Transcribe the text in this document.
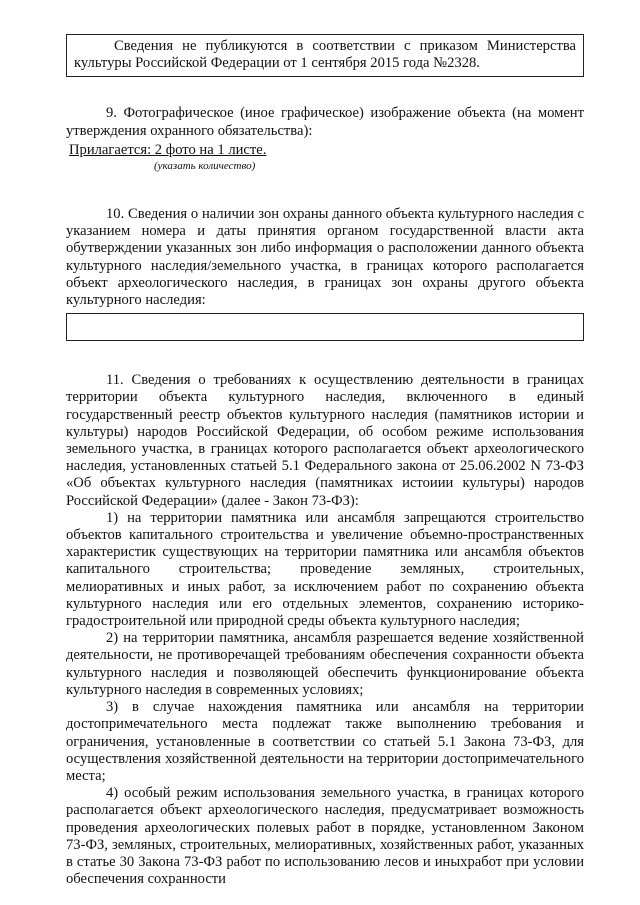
Сведения не публикуются в соответствии с приказом Министерства культуры Российской Федерации от 1 сентября 2015 года №2328.

9. Фотографическое (иное графическое) изображение объекта (на момент утверждения охранного обязательства):

Прилагается: 2 фото на 1 листе.

(указать количество)

10. Сведения о наличии зон охраны данного объекта культурного наследия с указанием номера и даты принятия органом государственной власти акта обутверждении указанных зон либо информация о расположении данного объекта культурного наследия/земельного участка, в границах которого располагается объект археологического наследия, в границах зон охраны другого объекта культурного наследия:

11. Сведения о требованиях к осуществлению деятельности в границах территории объекта культурного наследия, включенного в единый государственный реестр объектов культурного наследия (памятников истории и культуры) народов Российской Федерации, об особом режиме использования земельного участка, в границах которого располагается объект археологического наследия, установленных статьей 5.1 Федерального закона от 25.06.2002 N 73-ФЗ «Об объектах культурного наследия (памятниках истоиии культуры) народов Российской Федерации» (далее - Закон 73-ФЗ):

1) на территории памятника или ансамбля запрещаются строительство объектов капитального строительства и увеличение объемно-пространственных характеристик существующих на территории памятника или ансамбля объектов капитального строительства; проведение земляных, строительных, мелиоративных и иных работ, за исключением работ по сохранению объекта культурного наследия или его отдельных элементов, сохранению историко-градостроительной или природной среды объекта культурного наследия;

2) на территории памятника, ансамбля разрешается ведение хозяйственной деятельности, не противоречащей требованиям обеспечения сохранности объекта культурного наследия и позволяющей обеспечить функционирование объекта культурного наследия в современных условиях;

3) в случае нахождения памятника или ансамбля на территории достопримечательного места подлежат также выполнению требования и ограничения, установленные в соответствии со статьей 5.1 Закона 73-ФЗ, для осуществления хозяйственной деятельности на территории достопримечательного места;

4) особый режим использования земельного участка, в границах которого располагается объект археологического наследия, предусматривает возможность проведения археологических полевых работ в порядке, установленном Законом 73-ФЗ, земляных, строительных, мелиоративных, хозяйственных работ, указанных в статье 30 Закона 73-ФЗ работ по использованию лесов и иныхработ при условии обеспечения сохранности
